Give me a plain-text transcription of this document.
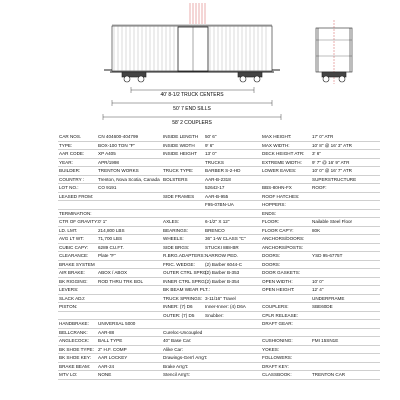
40' 8-1/2 TRUCK CENTERS
50' 7 END SILLS
58' 2 COUPLERS
CAR NOS.	CN 404600-404799	INSIDE LENGTH	50' 6"	MAX HEIGHT:	17' 0" ATR
TYPE:	BOX-100 TON "F"	INSIDE WIDTH	9' 6"	MAX WIDTH:	10' 8" @ 16' 3" ATR
AAR CODE:	XP A405	INSIDE HEIGHT	13' 0"	DECK HEIGHT ATR:	3' 6"
YEAR:	APR/1998		TRUCKS	EXTREME WIDTH:	9' 7" @ 16' 9" ATR
BUILDER:	TRENTON WORKS	TRUCK TYPE:	BARBER S-2-HD	LOWER EAVES:	10' 0" @ 16' 7" ATR
COUNTRY :	Trenton, Nova Scotia, Canada	BOLSTERS	AAR-B-2318		SUPERSTRUCTURE
LOT NO.:	CO 9191		52642-17	BBS-80HN-FX	ROOF:
LEASED FROM:		SIDE FRAMES	AAR-B-955	ROOF HATCHES:	
			F95-07BN-UA	HOPPERS:	
TERMINATION:				ENDS:	
CTR OF GRAVITY:	0' 1"	AXLES:	6-1/2" X 12"	FLOOR:	Nailable Steel Floor
LD. LMT.	214,800 LBS	BEARINGS:	BRENCO	FLOOR CAP'Y:	80K
AVG LT WT:	71,700 LBS	WHEELS:	36" 1-W CLASS "C"	ANCHORS/DOORS:	
CUBIC CAPY:	6289 CU.FT.	SIDE BRGS:	STUCKI 888-BR	ANCHORS/POSTS:	
CLEARANCE:	Plate "F"	R.BRG.ADAPTERS:	NARROW PED.	DOORS:	YSD 95-6775T
BRAKE SYSTEM		FRIC. WEDGE:	(2) Barber 6044-C	DOORS:	
AIR BRAKE:	ABOX / ABOX	OUTER CTRL SPRG:	(2) Barber B-353	DOOR GASKETS:	
BK RIGGING:	ROD THRU TRK BOL	INNER CTRL SPRG:	(2) Barber B-354	OPEN WIDTH:	10' 0"
LEVERS:		BK BEAM WEAR PLT.:		OPEN HEIGHT:	12' 4"
SLACK ADJ:		TRUCK SPRINGS:	3-11/16" Travel		UNDERFRAME
PISTON:		INNER: (7) D6	Inner-Inner: (4) D6A	COUPLERS:	SBE60DE
		OUTER: (7) D5	Snubber:	CPLR RELEASE:	
HANDBRAKE:	UNIVERSAL 5000			DRAFT GEAR:	
BELLCRANK:	AAR-88	Cureloc-Uncoupled			
ANGLECOCK:	BALL TYPE	40" Base Car:		CUSHIONING:	FMI 15SN1E
BK SHOE TYPE:	2" H.F. COMP	Alike Car:		YOKES:	
BK SHOE KEY:	AAR LOCKEY	Drawings-Gen'l Arrg't:		FOLLOWERS:	
BRAKE BEAM:	AAR-24	Brake Arrg't:		DRAFT KEY:	
MTV LO:	NONE	Stencil Arrg't:		CLASSBOOK:	TRENTON CAR
